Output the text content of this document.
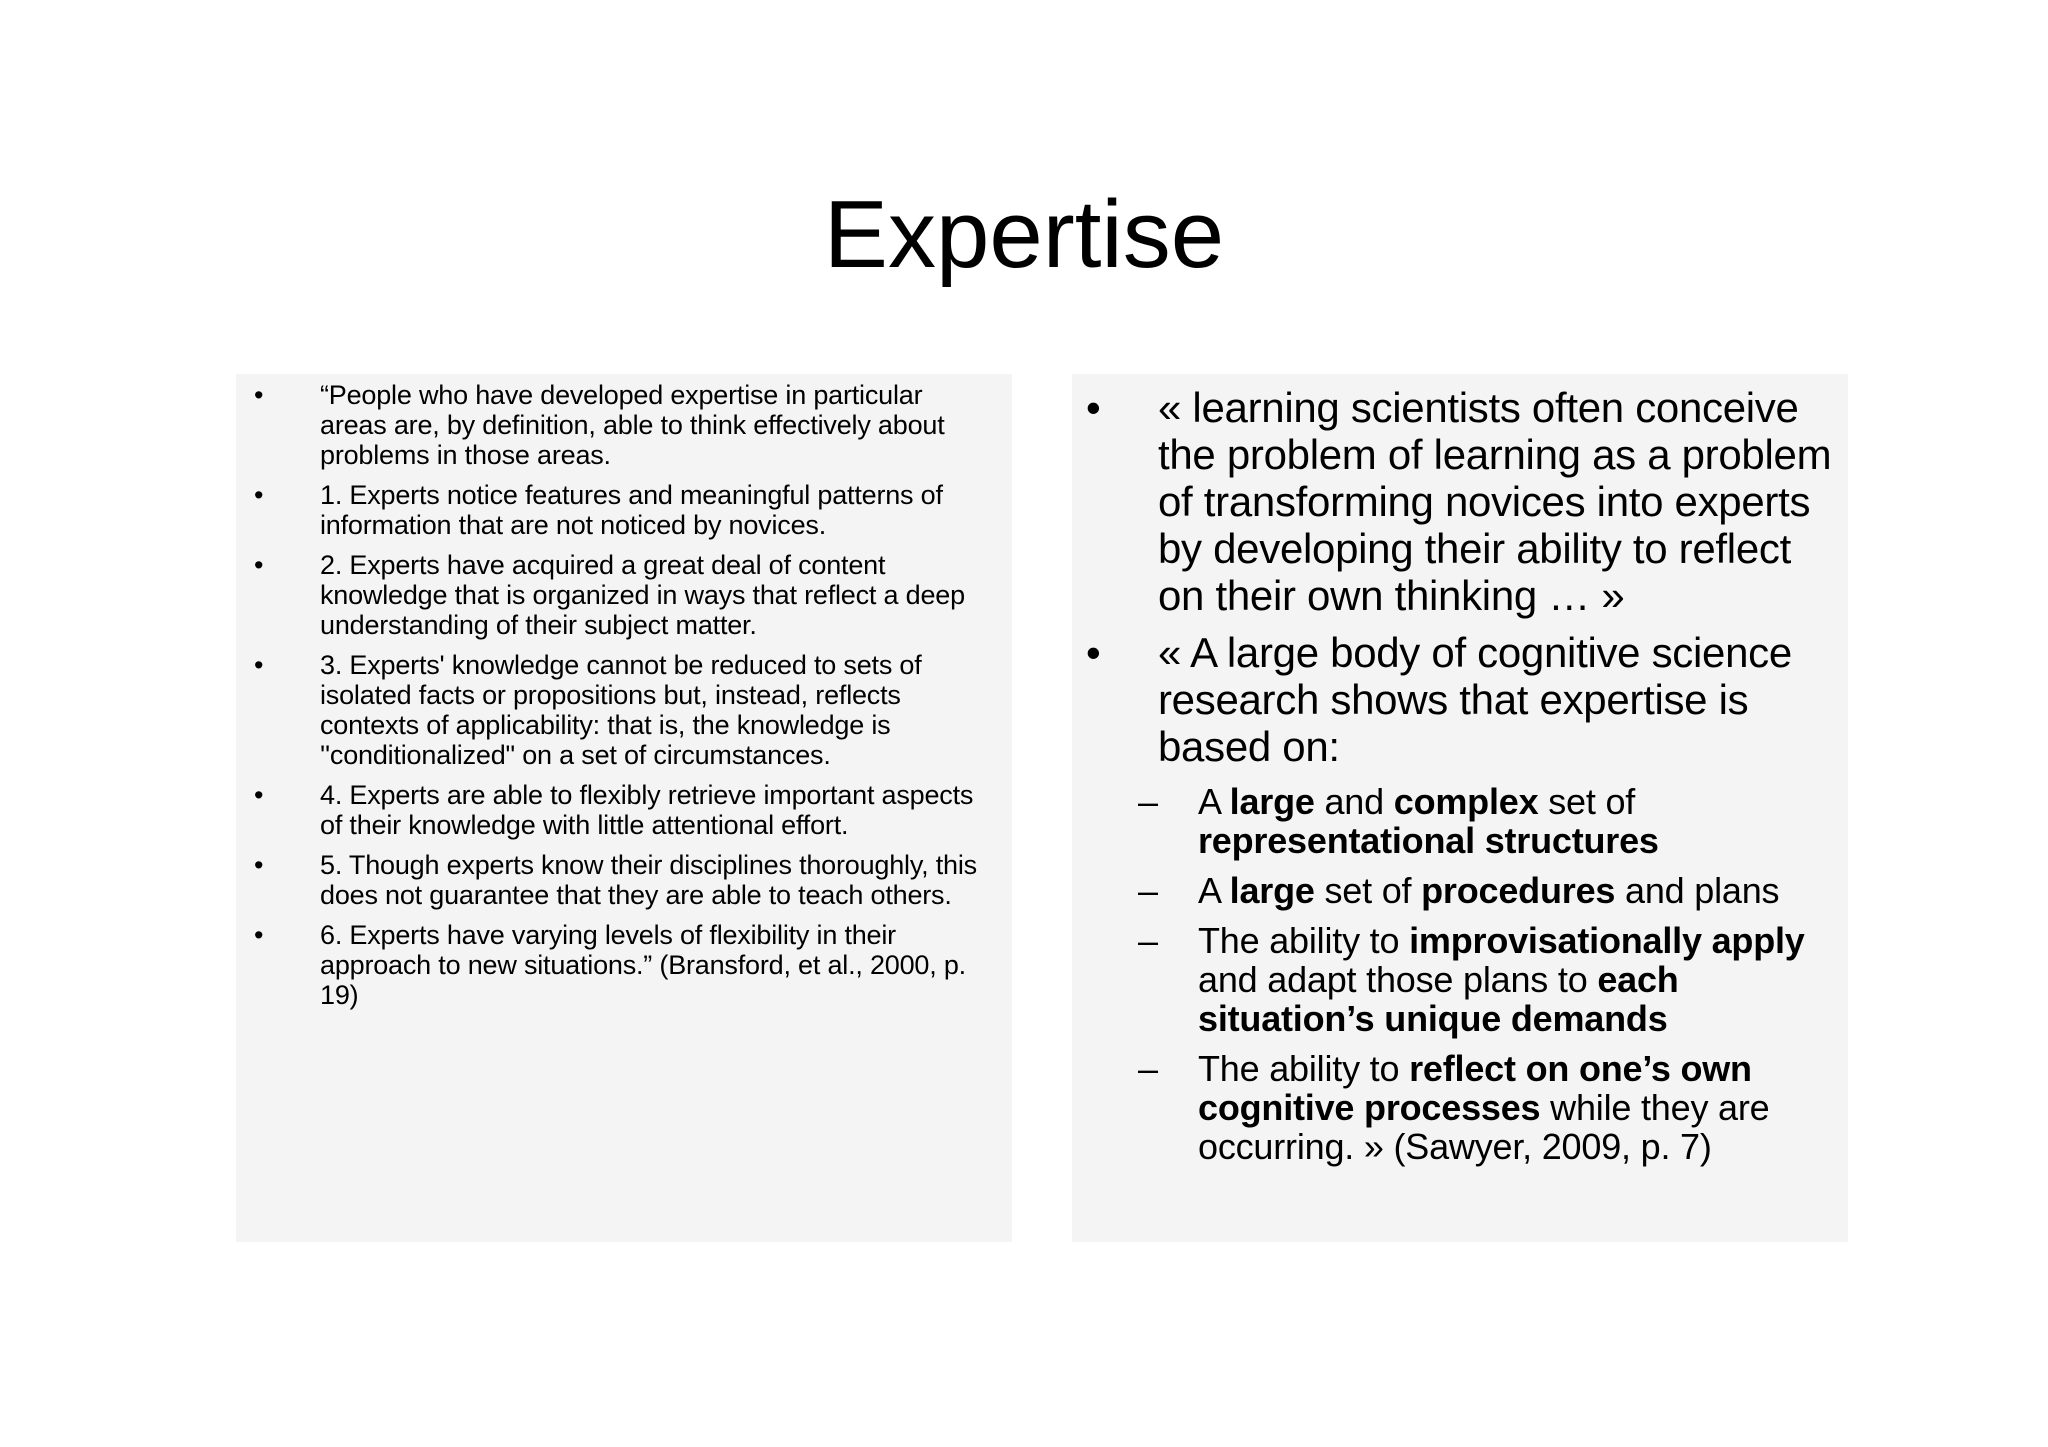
Expertise
• “People who have developed expertise in particular areas are, by definition, able to think effectively about problems in those areas.
• 1. Experts notice features and meaningful patterns of information that are not noticed by novices.
• 2. Experts have acquired a great deal of content knowledge that is organized in ways that reflect a deep understanding of their subject matter.
• 3. Experts' knowledge cannot be reduced to sets of isolated facts or propositions but, instead, reflects contexts of applicability: that is, the knowledge is ''conditionalized" on a set of circumstances.
• 4. Experts are able to flexibly retrieve important aspects of their knowledge with little attentional effort.
• 5. Though experts know their disciplines thoroughly, this does not guarantee that they are able to teach others.
• 6. Experts have varying levels of flexibility in their approach to new situations.” (Bransford, et al., 2000, p. 19)
• « learning scientists often conceive the problem of learning as a problem of transforming novices into experts by developing their ability to reflect on their own thinking … »
• « A large body of cognitive science research shows that expertise is based on:
– A large and complex set of representational structures
– A large set of procedures and plans
– The ability to improvisationally apply and adapt those plans to each situation’s unique demands
– The ability to reflect on one’s own cognitive processes while they are occurring. » (Sawyer, 2009, p. 7)
